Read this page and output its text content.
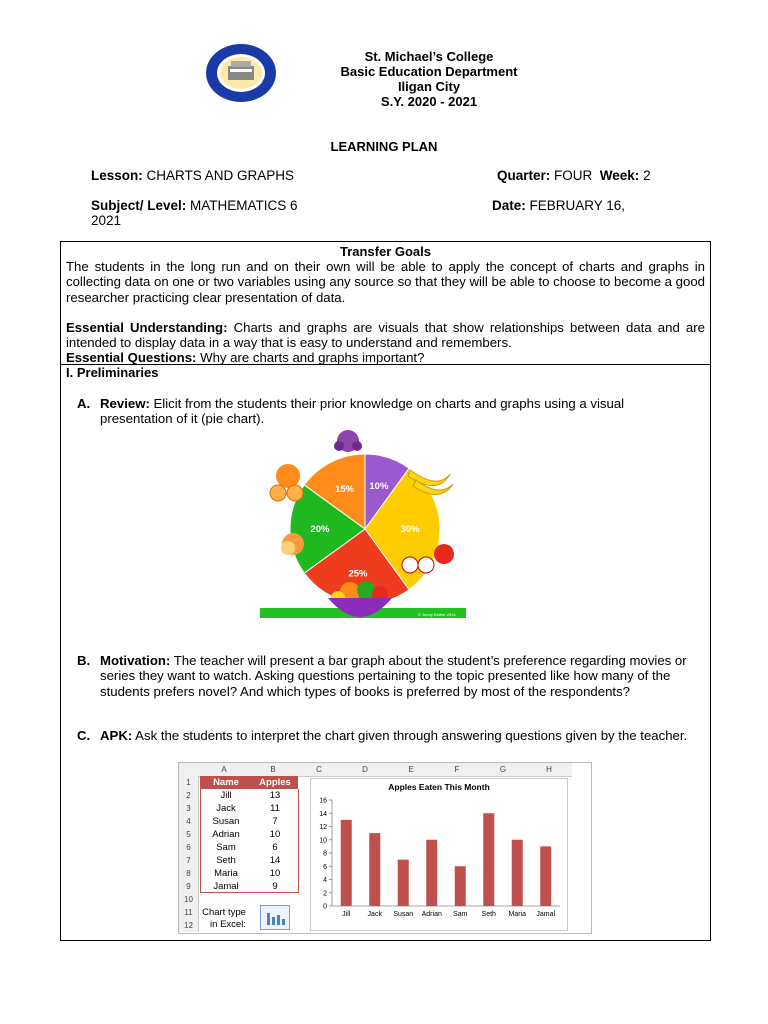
St. Michael’s College
Basic Education Department
Iligan City
S.Y. 2020 - 2021
LEARNING PLAN
Lesson: CHARTS AND GRAPHS	Quarter: FOUR Week: 2
Subject/ Level: MATHEMATICS 6	Date: FEBRUARY 16,
2021
Transfer Goals
The students in the long run and on their own will be able to apply the concept of charts and graphs in collecting data on one or two variables using any source so that they will be able to choose to become a good researcher practicing clear presentation of data.
Essential Understanding: Charts and graphs are visuals that show relationships between data and are intended to display data in a way that is easy to understand and remembers.
Essential Questions: Why are charts and graphs important?
I. Preliminaries
A. Review: Elicit from the students their prior knowledge on charts and graphs using a visual presentation of it (pie chart).
B. Motivation: The teacher will present a bar graph about the student’s preference regarding movies or series they want to watch. Asking questions pertaining to the topic presented like how many of the students prefers novel? And which types of books is preferred by most of the respondents?
C. APK: Ask the students to interpret the chart given through answering questions given by the teacher.
© Jenny Eather 2014
10%
30%
25%
20%
15%
A	B	C	D	E	F	G	H
1
2
3
4
5
6
7
8
9
10
11
12
Name	Apples
Jill	13
Jack	11
Susan	7
Adrian	10
Sam	6
Seth	14
Maria	10
Jamal	9
Chart type
in Excel:
Apples Eaten This Month
0
2
4
6
8
10
12
14
16
Jill Jack Susan Adrian Sam Seth Maria Jamal
